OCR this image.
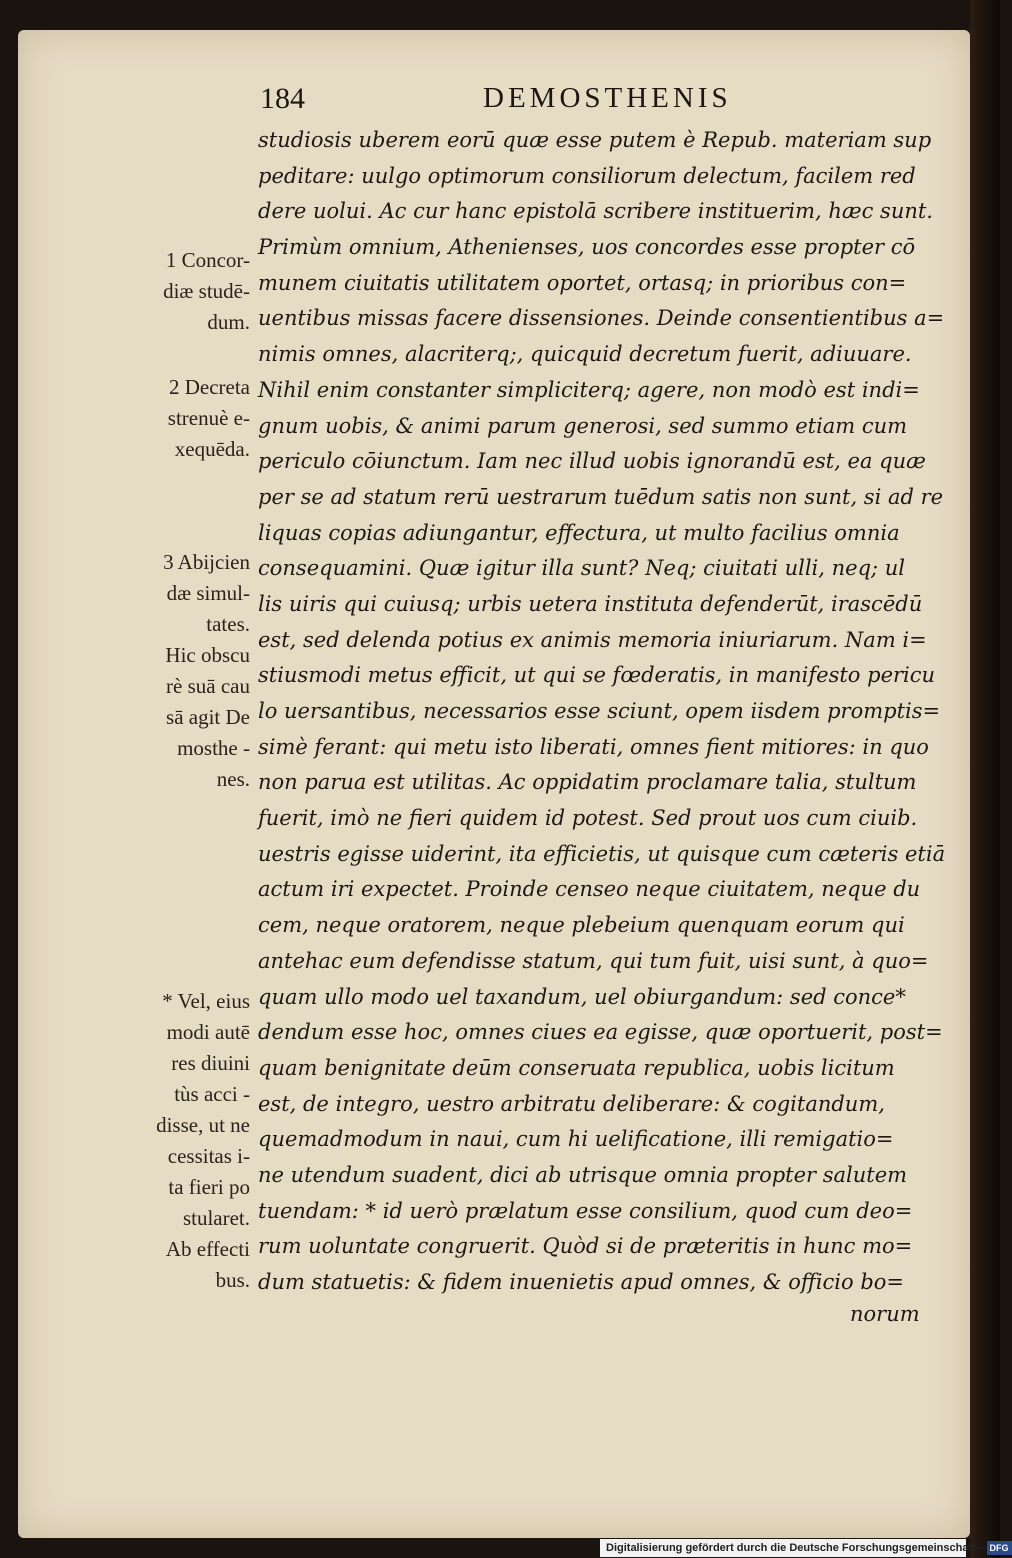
184	DEMOSTHENIS
studiosis uberem eorū quæ esse putem è Repub. materiam sup
peditare: uulgo optimorum consiliorum delectum, facilem red
dere uolui. Ac cur hanc epistolā scribere instituerim, hæc sunt.
Primùm omnium, Athenienses, uos concordes esse propter cō
munem ciuitatis utilitatem oportet, ortasq; in prioribus con=
uentibus missas facere dissensiones. Deinde consentientibus a=
nimis omnes, alacriterq;, quicquid decretum fuerit, adiuuare.
Nihil enim constanter simpliciterq; agere, non modò est indi=
gnum uobis, & animi parum generosi, sed summo etiam cum
periculo cōiunctum. Iam nec illud uobis ignorandū est, ea quæ
per se ad statum rerū uestrarum tuēdum satis non sunt, si ad re
liquas copias adiungantur, effectura, ut multo facilius omnia
consequamini. Quæ igitur illa sunt? Neq; ciuitati ulli, neq; ul
lis uiris qui cuiusq; urbis uetera instituta defenderūt, irascēdū
est, sed delenda potius ex animis memoria iniuriarum. Nam i=
stiusmodi metus efficit, ut qui se fœderatis, in manifesto pericu
lo uersantibus, necessarios esse sciunt, opem iisdem promptis=
simè ferant: qui metu isto liberati, omnes fient mitiores: in quo
non parua est utilitas. Ac oppidatim proclamare talia, stultum
fuerit, imò ne fieri quidem id potest. Sed prout uos cum ciuib.
uestris egisse uiderint, ita efficietis, ut quisque cum cæteris etiā
actum iri expectet. Proinde censeo neque ciuitatem, neque du
cem, neque oratorem, neque plebeium quenquam eorum qui
antehac eum defendisse statum, qui tum fuit, uisi sunt, à quo=
quam ullo modo uel taxandum, uel obiurgandum: sed conce*
dendum esse hoc, omnes ciues ea egisse, quæ oportuerit, post=
quam benignitate deūm conseruata republica, uobis licitum
est, de integro, uestro arbitratu deliberare: & cogitandum,
quemadmodum in naui, cum hi uelificatione, illi remigatio=
ne utendum suadent, dici ab utrisque omnia propter salutem
tuendam: * id uerò prælatum esse consilium, quod cum deo=
rum uoluntate congruerit. Quòd si de præteritis in hunc mo=
dum statuetis: & fidem inuenietis apud omnes, & officio bo=
norum
1 Concor-
diæ studē-
dum.
2 Decreta
strenuè e-
xequēda.
3 Abijcien
dæ simul-
tates.
Hic obscu
rè suā cau
sā agit De
mosthe -
nes.
* Vel, eius
modi autē
res diuini
tùs acci -
disse, ut ne
cessitas i-
ta fieri po
stularet.
Ab effecti
bus.
Digitalisierung gefördert durch die Deutsche Forschungsgemeinschaft - DFG
